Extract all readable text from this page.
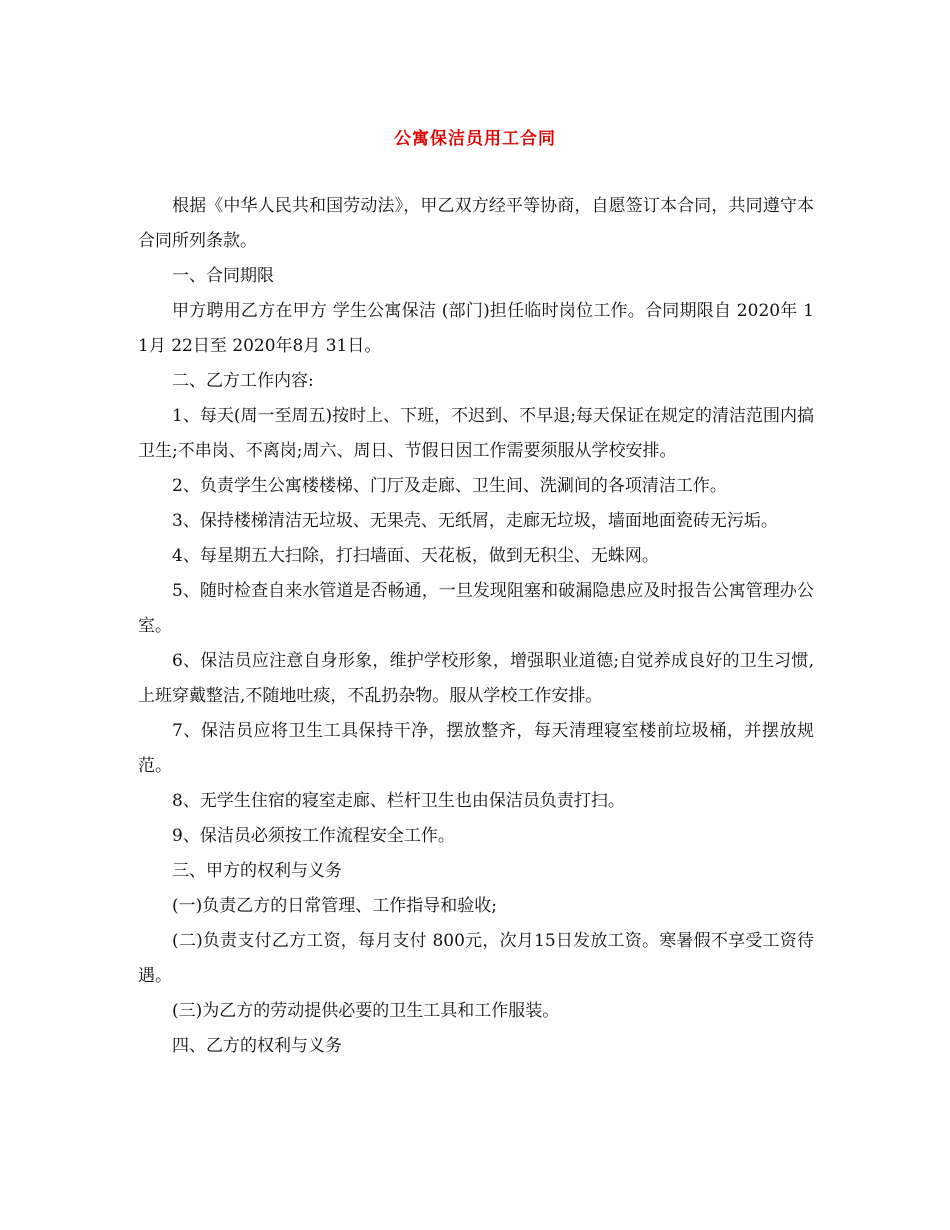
公寓保洁员用工合同

根据《中华人民共和国劳动法》，甲乙双方经平等协商，自愿签订本合同，共同遵守本合同所列条款。

一、合同期限

甲方聘用乙方在甲方 学生公寓保洁 (部门)担任临时岗位工作。合同期限自 2020年 11月 22日至 2020年8月 31日。

二、乙方工作内容:

1、每天(周一至周五)按时上、下班，不迟到、不早退;每天保证在规定的清洁范围内搞卫生;不串岗、不离岗;周六、周日、节假日因工作需要须服从学校安排。

2、负责学生公寓楼楼梯、门厅及走廊、卫生间、洗涮间的各项清洁工作。

3、保持楼梯清洁无垃圾、无果壳、无纸屑，走廊无垃圾，墙面地面瓷砖无污垢。

4、每星期五大扫除，打扫墙面、天花板，做到无积尘、无蛛网。

5、随时检查自来水管道是否畅通，一旦发现阻塞和破漏隐患应及时报告公寓管理办公室。

6、保洁员应注意自身形象，维护学校形象，增强职业道德;自觉养成良好的卫生习惯,上班穿戴整洁,不随地吐痰，不乱扔杂物。服从学校工作安排。

7、保洁员应将卫生工具保持干净，摆放整齐，每天清理寝室楼前垃圾桶，并摆放规范。

8、无学生住宿的寝室走廊、栏杆卫生也由保洁员负责打扫。

9、保洁员必须按工作流程安全工作。

三、甲方的权利与义务

(一)负责乙方的日常管理、工作指导和验收;

(二)负责支付乙方工资，每月支付 800元，次月15日发放工资。寒暑假不享受工资待遇。

(三)为乙方的劳动提供必要的卫生工具和工作服装。

四、乙方的权利与义务
